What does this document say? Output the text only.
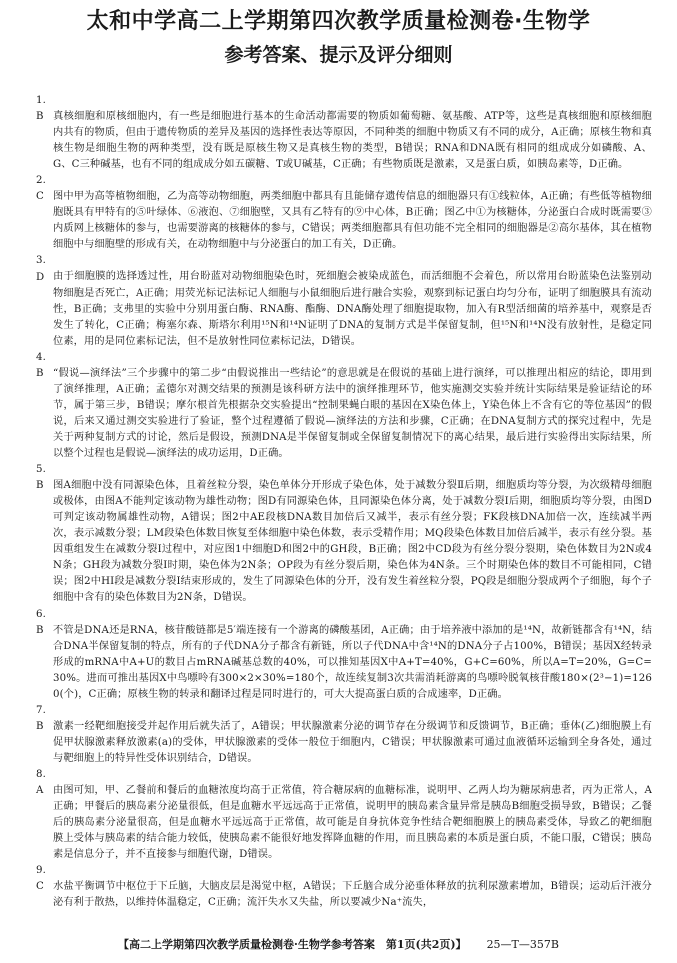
太和中学高二上学期第四次教学质量检测卷·生物学
参考答案、提示及评分细则

1.B 真核细胞和原核细胞内，有一些是细胞进行基本的生命活动都需要的物质如葡萄糖、氨基酸、ATP等，这些是真核细胞和原核细胞内共有的物质，但由于遗传物质的差异及基因的选择性表达等原因，不同种类的细胞中物质又有不同的成分，A正确；原核生物和真核生物是细胞生物的两种类型，没有既是原核生物又是真核生物的类型，B错误；RNA和DNA既有相同的组成成分如磷酸、A、G、C三种碱基，也有不同的组成成分如五碳糖、T或U碱基，C正确；有些物质既是激素，又是蛋白质，如胰岛素等，D正确。

2.C 图中甲为高等植物细胞，乙为高等动物细胞，两类细胞中都具有且能储存遗传信息的细胞器只有①线粒体，A正确；有些低等植物细胞既具有甲特有的⑤叶绿体、⑥液泡、⑦细胞壁，又具有乙特有的⑨中心体，B正确；图乙中①为核糖体，分泌蛋白合成时既需要③内质网上核糖体的参与，也需要游离的核糖体的参与，C错误；两类细胞都具有但功能不完全相同的细胞器是②高尔基体，其在植物细胞中与细胞壁的形成有关，在动物细胞中与分泌蛋白的加工有关，D正确。

3.D 由于细胞膜的选择透过性，用台盼蓝对动物细胞染色时，死细胞会被染成蓝色，而活细胞不会着色，所以常用台盼蓝染色法鉴别动物细胞是否死亡，A正确；用荧光标记法标记人细胞与小鼠细胞后进行融合实验，观察到标记蛋白均匀分布，证明了细胞膜具有流动性，B正确；支弗里的实验中分别用蛋白酶、RNA酶、酯酶、DNA酶处理了细胞提取物，加入有R型活细菌的培养基中，观察是否发生了转化，C正确；梅塞尔森、斯塔尔利用¹⁵N和¹⁴N证明了DNA的复制方式是半保留复制，但¹⁵N和¹⁴N没有放射性，是稳定同位素，用的是同位素标记法，但不是放射性同位素标记法，D错误。

4.B “假说—演绎法”三个步骤中的第二步“由假说推出一些结论”的意思就是在假说的基础上进行演绎，可以推理出相应的结论，即用到了演绎推理，A正确；孟德尔对测交结果的预测是该科研方法中的演绎推理环节，他实施测交实验并统计实际结果是验证结论的环节，属于第三步，B错误；摩尔根首先根据杂交实验提出“控制果蝇白眼的基因在X染色体上，Y染色体上不含有它的等位基因”的假说，后来又通过测交实验进行了验证，整个过程遵循了假说—演绎法的方法和步骤，C正确；在DNA复制方式的探究过程中，先是关于两种复制方式的讨论，然后是假设，预测DNA是半保留复制或全保留复制情况下的离心结果，最后进行实验得出实际结果，所以整个过程也是假说—演绎法的成功运用，D正确。

5.B 图A细胞中没有同源染色体，且着丝粒分裂，染色单体分开形成子染色体，处于减数分裂Ⅱ后期，细胞质均等分裂，为次级精母细胞或极体，由图A不能判定该动物为雄性动物；图D有同源染色体，且同源染色体分离，处于减数分裂Ⅰ后期，细胞质均等分裂，由图D可判定该动物属雄性动物，A错误；图2中AE段核DNA数目加倍后又减半，表示有丝分裂；FK段核DNA加倍一次，连续减半两次，表示减数分裂；LM段染色体数目恢复至体细胞中染色体数，表示受精作用；MQ段染色体数目加倍后减半，表示有丝分裂。基因重组发生在减数分裂Ⅰ过程中，对应图1中细胞D和图2中的GH段，B正确；图2中CD段为有丝分裂分裂期，染色体数目为2N或4N条；GH段为减数分裂Ⅰ时期，染色体为2N条；OP段为有丝分裂后期，染色体为4N条。三个时期染色体的数目不可能相同，C错误；图2中HI段是减数分裂Ⅰ结束形成的，发生了同源染色体的分开，没有发生着丝粒分裂，PQ段是细胞分裂成两个子细胞，每个子细胞中含有的染色体数目为2N条，D错误。

6.B 不管是DNA还是RNA，核苷酸链都是5′端连接有一个游离的磷酸基团，A正确；由于培养液中添加的是¹⁴N，故新链都含有¹⁴N，结合DNA半保留复制的特点，所有的子代DNA分子都含有新链，所以子代DNA中含¹⁴N的DNA分子占100%，B错误；基因X经转录形成的mRNA中A+U的数目占mRNA碱基总数的40%，可以推知基因X中A+T=40%，G+C=60%，所以A=T=20%，G=C=30%。进而可推出基因X中鸟嘌呤有300×2×30%=180个，故连续复制3次共需消耗游离的鸟嘌呤脱氧核苷酸180×(2³−1)=1260(个)，C正确；原核生物的转录和翻译过程是同时进行的，可大大提高蛋白质的合成速率，D正确。

7.B 激素一经靶细胞接受并起作用后就失活了，A错误；甲状腺激素分泌的调节存在分级调节和反馈调节，B正确；垂体(乙)细胞膜上有促甲状腺激素释放激素(a)的受体，甲状腺激素的受体一般位于细胞内，C错误；甲状腺激素可通过血液循环运输到全身各处，通过与靶细胞上的特异性受体识别结合，D错误。

8.A 由图可知，甲、乙餐前和餐后的血糖浓度均高于正常值，符合糖尿病的血糖标准，说明甲、乙两人均为糖尿病患者，丙为正常人，A正确；甲餐后的胰岛素分泌量很低，但是血糖水平远远高于正常值，说明甲的胰岛素含量异常是胰岛B细胞受损导致，B错误；乙餐后的胰岛素分泌量很高，但是血糖水平远远高于正常值，故可能是自身抗体竞争性结合靶细胞膜上的胰岛素受体，导致乙的靶细胞膜上受体与胰岛素的结合能力较低，使胰岛素不能很好地发挥降血糖的作用，而且胰岛素的本质是蛋白质，不能口服，C错误；胰岛素是信息分子，并不直接参与细胞代谢，D错误。

9.C 水盐平衡调节中枢位于下丘脑，大脑皮层是渴觉中枢，A错误；下丘脑合成分泌垂体释放的抗利尿激素增加，B错误；运动后汗液分泌有利于散热，以维持体温稳定，C正确；流汗失水又失盐，所以要减少Na⁺流失，

【高二上学期第四次教学质量检测卷·生物学参考答案　第1页(共2页)】 25—T—357B
